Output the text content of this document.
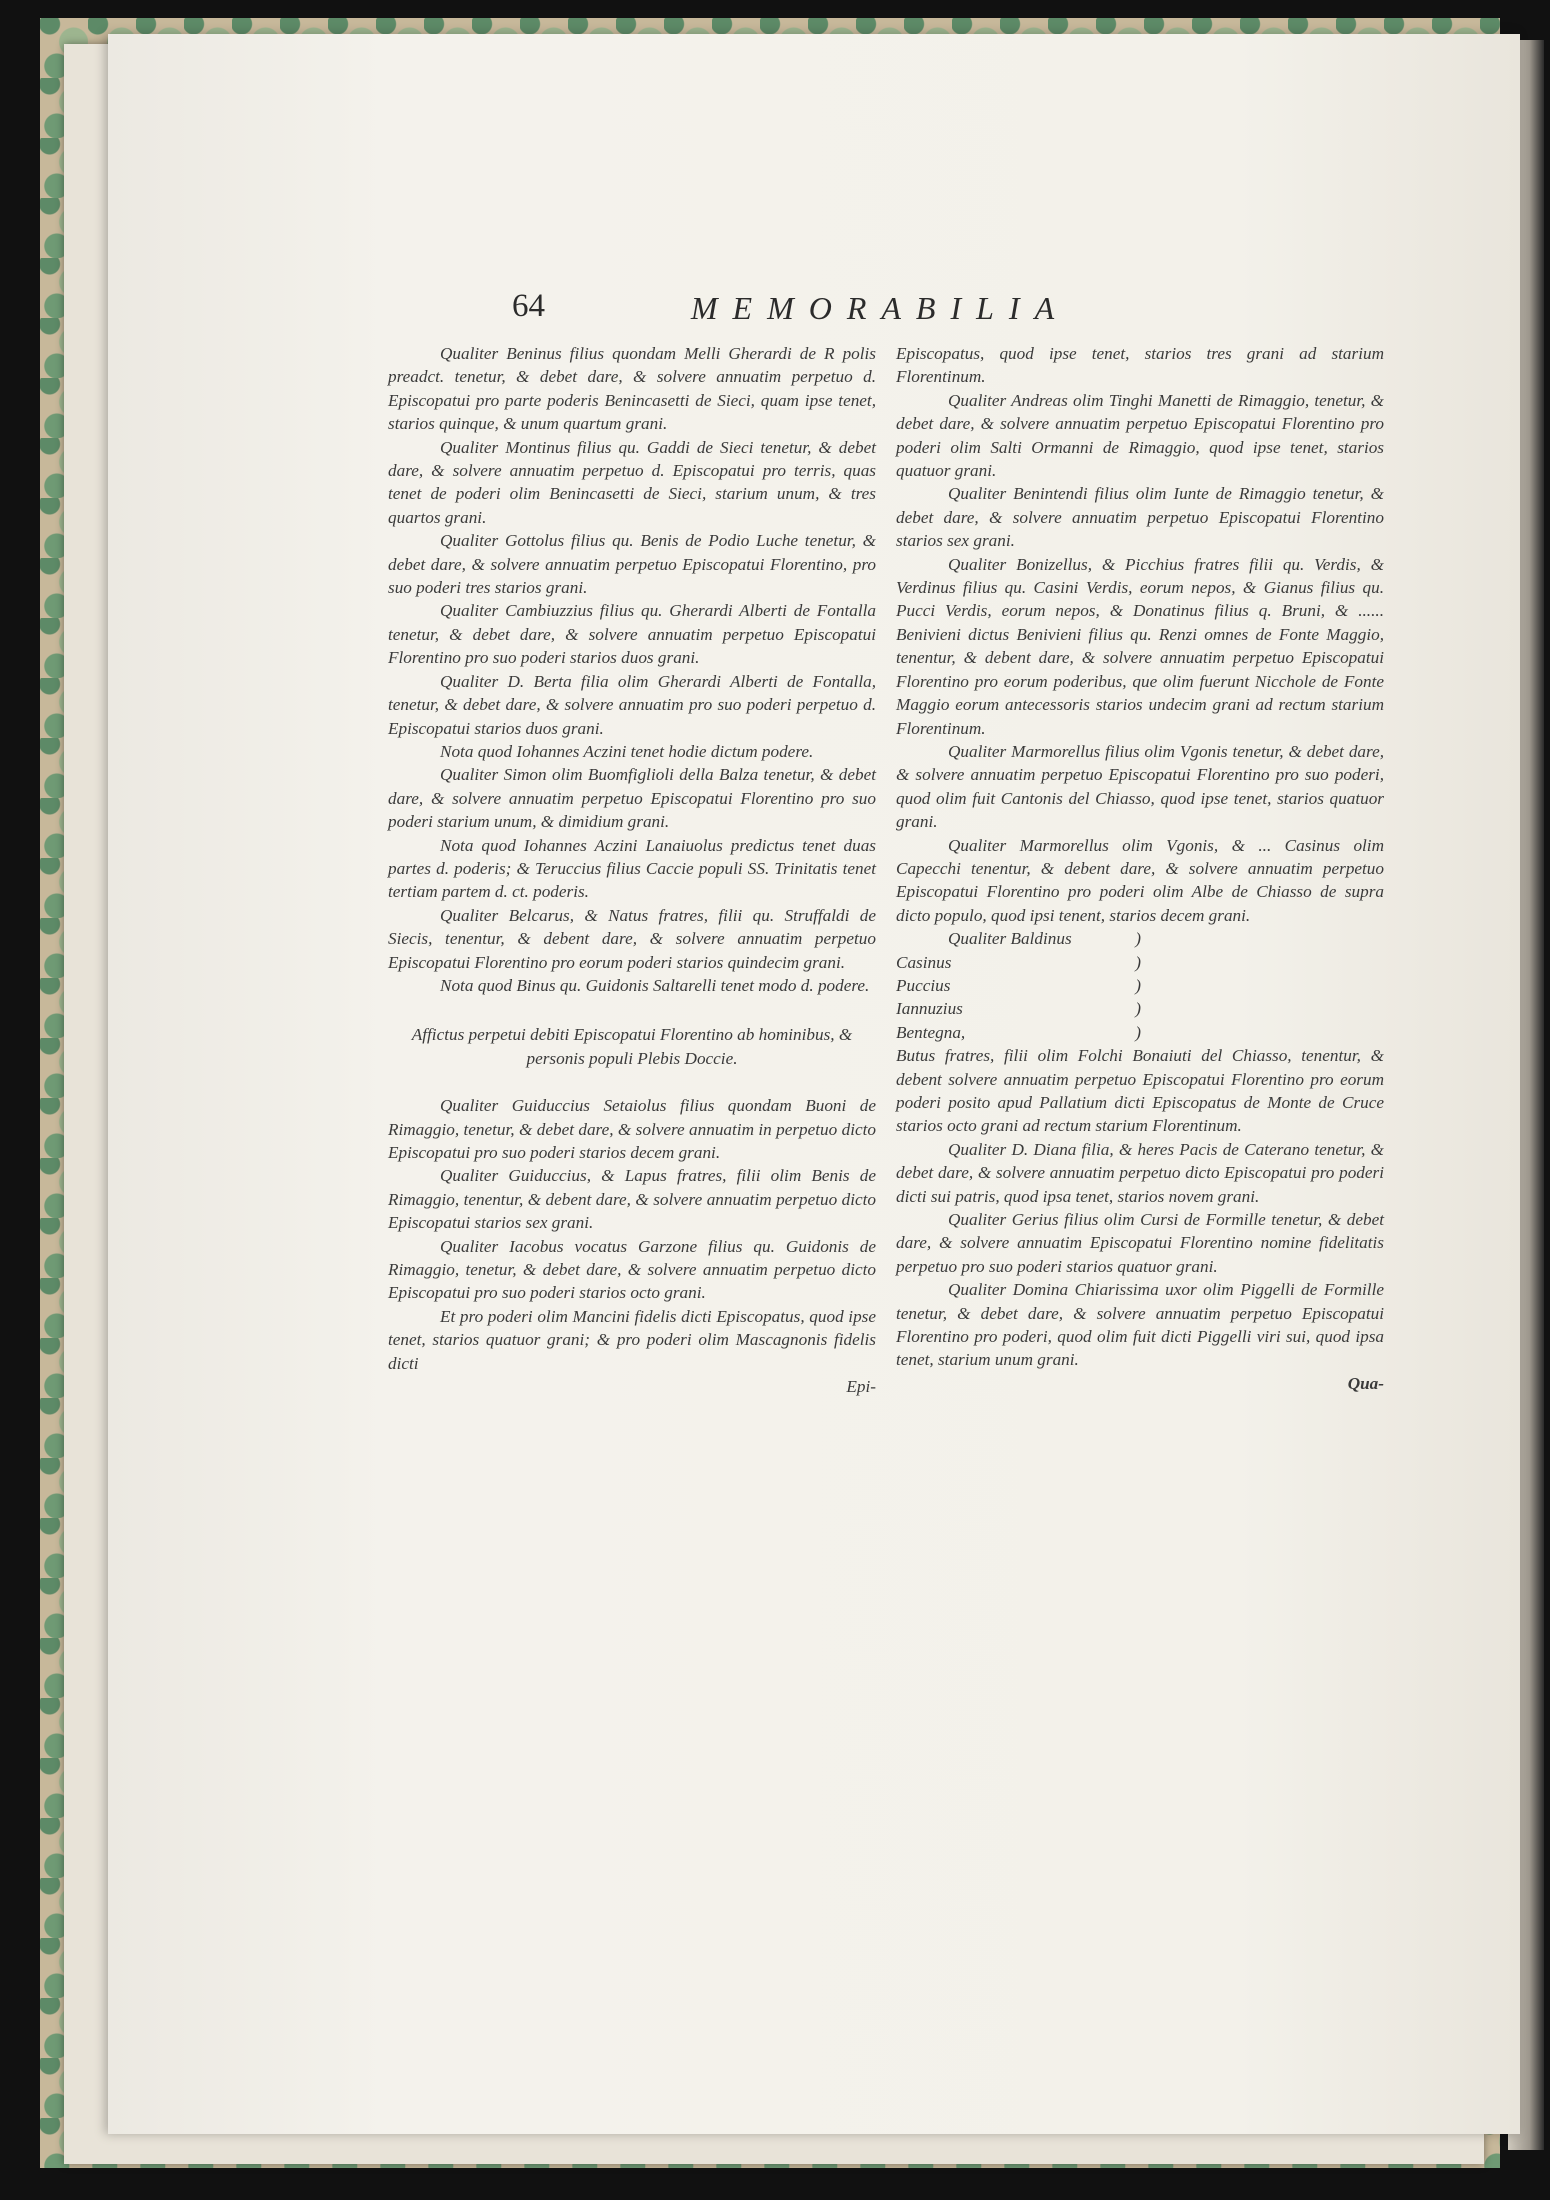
64	MEMORABILIA

Qualiter Beninus filius quondam Melli Gherardi de R polis preadct. tenetur, & debet dare, & solvere annuatim perpetuo d. Episcopatui pro parte poderis Benincasetti de Sieci, quam ipse tenet, starios quinque, & unum quartum grani.

Qualiter Montinus filius qu. Gaddi de Sieci tenetur, & debet dare, & solvere annuatim perpetuo d. Episcopatui pro terris, quas tenet de poderi olim Benincasetti de Sieci, starium unum, & tres quartos grani.

Qualiter Gottolus filius qu. Benis de Podio Luche tenetur, & debet dare, & solvere annuatim perpetuo Episcopatui Florentino, pro suo poderi tres starios grani.

Qualiter Cambiuzzius filius qu. Gherardi Alberti de Fontalla tenetur, & debet dare, & solvere annuatim perpetuo Episcopatui Florentino pro suo poderi starios duos grani.

Qualiter D. Berta filia olim Gherardi Alberti de Fontalla, tenetur, & debet dare, & solvere annuatim pro suo poderi perpetuo d. Episcopatui starios duos grani.

Nota quod Iohannes Aczini tenet hodie dictum podere.

Qualiter Simon olim Buomfiglioli della Balza tenetur, & debet dare, & solvere annuatim perpetuo Episcopatui Florentino pro suo poderi starium unum, & dimidium grani.

Nota quod Iohannes Aczini Lanaiuolus predictus tenet duas partes d. poderis; & Teruccius filius Caccie populi SS. Trinitatis tenet tertiam partem d. ct. poderis.

Qualiter Belcarus, & Natus fratres, filii qu. Struffaldi de Siecis, tenentur, & debent dare, & solvere annuatim perpetuo Episcopatui Florentino pro eorum poderi starios quindecim grani.

Nota quod Binus qu. Guidonis Saltarelli tenet modo d. podere.

Affictus perpetui debiti Episcopatui Florentino ab hominibus, & personis populi Plebis Doccie.

Qualiter Guiduccius Setaiolus filius quondam Buoni de Rimaggio, tenetur, & debet dare, & solvere annuatim in perpetuo dicto Episcopatui pro suo poderi starios decem grani.

Qualiter Guiduccius, & Lapus fratres, filii olim Benis de Rimaggio, tenentur, & debent dare, & solvere annuatim perpetuo dicto Episcopatui starios sex grani.

Qualiter Iacobus vocatus Garzone filius qu. Guidonis de Rimaggio, tenetur, & debet dare, & solvere annuatim perpetuo dicto Episcopatui pro suo poderi starios octo grani.

Et pro poderi olim Mancini fidelis dicti Episcopatus, quod ipse tenet, starios quatuor grani; & pro poderi olim Mascagnonis fidelis dicti

Epi-

Episcopatus, quod ipse tenet, starios tres grani ad starium Florentinum.

Qualiter Andreas olim Tinghi Manetti de Rimaggio, tenetur, & debet dare, & solvere annuatim perpetuo Episcopatui Florentino pro poderi olim Salti Ormanni de Rimaggio, quod ipse tenet, starios quatuor grani.

Qualiter Benintendi filius olim Iunte de Rimaggio tenetur, & debet dare, & solvere annuatim perpetuo Episcopatui Florentino starios sex grani.

Qualiter Bonizellus, & Picchius fratres filii qu. Verdis, & Verdinus filius qu. Casini Verdis, eorum nepos, & Gianus filius qu. Pucci Verdis, eorum nepos, & Donatinus filius q. Bruni, & ...... Benivieni dictus Benivieni filius qu. Renzi omnes de Fonte Maggio, tenentur, & debent dare, & solvere annuatim perpetuo Episcopatui Florentino pro eorum poderibus, que olim fuerunt Nicchole de Fonte Maggio eorum antecessoris starios undecim grani ad rectum starium Florentinum.

Qualiter Marmorellus filius olim Vgonis tenetur, & debet dare, & solvere annuatim perpetuo Episcopatui Florentino pro suo poderi, quod olim fuit Cantonis del Chiasso, quod ipse tenet, starios quatuor grani.

Qualiter Marmorellus olim Vgonis, & ... Casinus olim Capecchi tenentur, & debent dare, & solvere annuatim perpetuo Episcopatui Florentino pro poderi olim Albe de Chiasso de supra dicto populo, quod ipsi tenent, starios decem grani.

Qualiter Baldinus	)
Casinus	)
Puccius	)
Iannuzius	)
Bentegna,	)

Butus fratres, filii olim Folchi Bonaiuti del Chiasso, tenentur, & debent solvere annuatim perpetuo Episcopatui Florentino pro eorum poderi posito apud Pallatium dicti Episcopatus de Monte de Cruce starios octo grani ad rectum starium Florentinum.

Qualiter D. Diana filia, & heres Pacis de Caterano tenetur, & debet dare, & solvere annuatim perpetuo dicto Episcopatui pro poderi dicti sui patris, quod ipsa tenet, starios novem grani.

Qualiter Gerius filius olim Cursi de Formille tenetur, & debet dare, & solvere annuatim Episcopatui Florentino nomine fidelitatis perpetuo pro suo poderi starios quatuor grani.

Qualiter Domina Chiarissima uxor olim Piggelli de Formille tenetur, & debet dare, & solvere annuatim perpetuo Episcopatui Florentino pro poderi, quod olim fuit dicti Piggelli viri sui, quod ipsa tenet, starium unum grani.

Qua-
